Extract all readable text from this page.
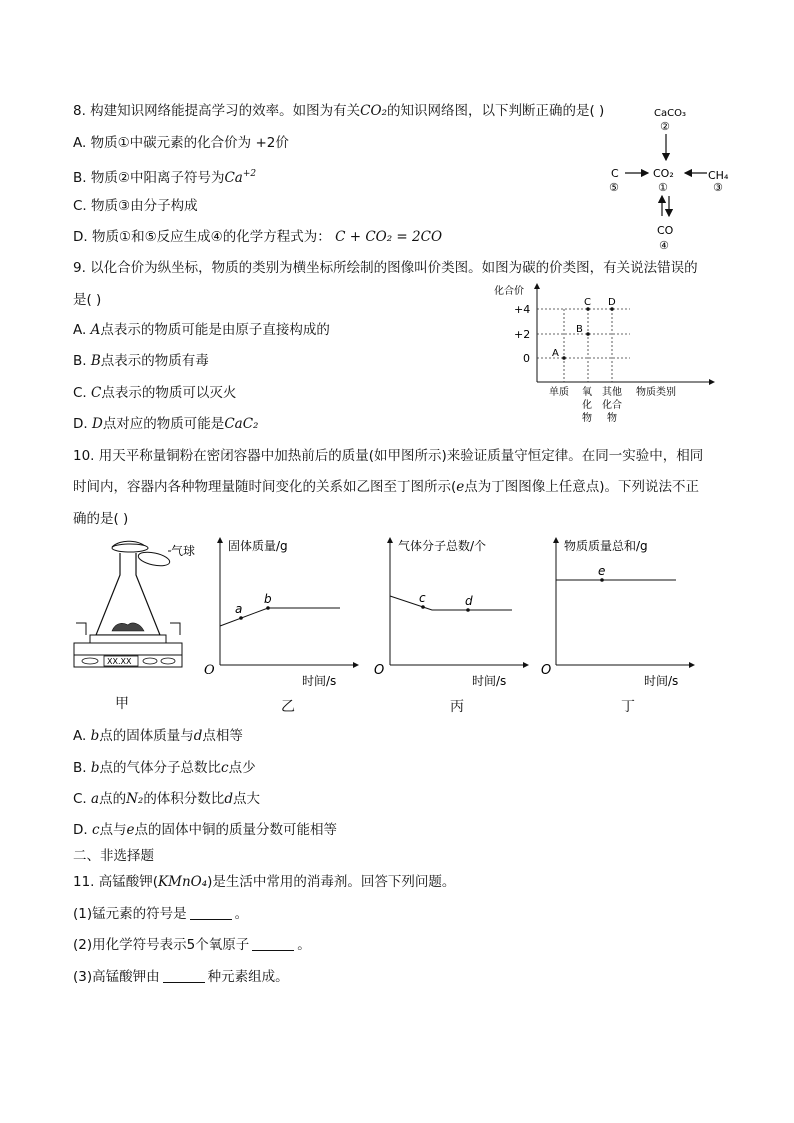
8. 构建知识网络能提高学习的效率。如图为有关CO₂的知识网络图，以下判断正确的是( )
A. 物质①中碳元素的化合价为 +2价
B. 物质②中阳离子符号为$Ca^{+2}$
C. 物质③由分子构成
D. 物质①和⑤反应生成④的化学方程式为： C + CO₂ = 2CO
CaCO₃
②
C
⑤
CO₂
①
CH₄
③
CO
④
9. 以化合价为纵坐标，物质的类别为横坐标所绘制的图像叫价类图。如图为碳的价类图，有关说法错误的
是( )
A. A点表示的物质可能是由原子直接构成的
B. B点表示的物质有毒
C. C点表示的物质可以灭火
D. D点对应的物质可能是CaC₂
化合价
+4
+2
0 A
B
C D
单质 氧
化
物
其他
化合
物
物质类别
10. 用天平称量铜粉在密闭容器中加热前后的质量(如甲图所示)来验证质量守恒定律。在同一实验中，相同
时间内，容器内各种物理量随时间变化的关系如乙图至丁图所示(e点为丁图图像上任意点)。下列说法不正
确的是( )
气球
XX.XX
甲
固体质量/g
O
时间/s
a
b
乙
气体分子总数/个
O
时间/s
c	d
丙
物质质量总和/g
O
时间/s
e
丁
A. b点的固体质量与d点相等
B. b点的气体分子总数比c点少
C. a点的N₂的体积分数比d点大
D. c点与e点的固体中铜的质量分数可能相等
二、非选择题
11. 高锰酸钾(KMnO₄)是生活中常用的消毒剂。回答下列问题。
(1)锰元素的符号是	。
(2)用化学符号表示5个氧原子	。
(3)高锰酸钾由	种元素组成。
